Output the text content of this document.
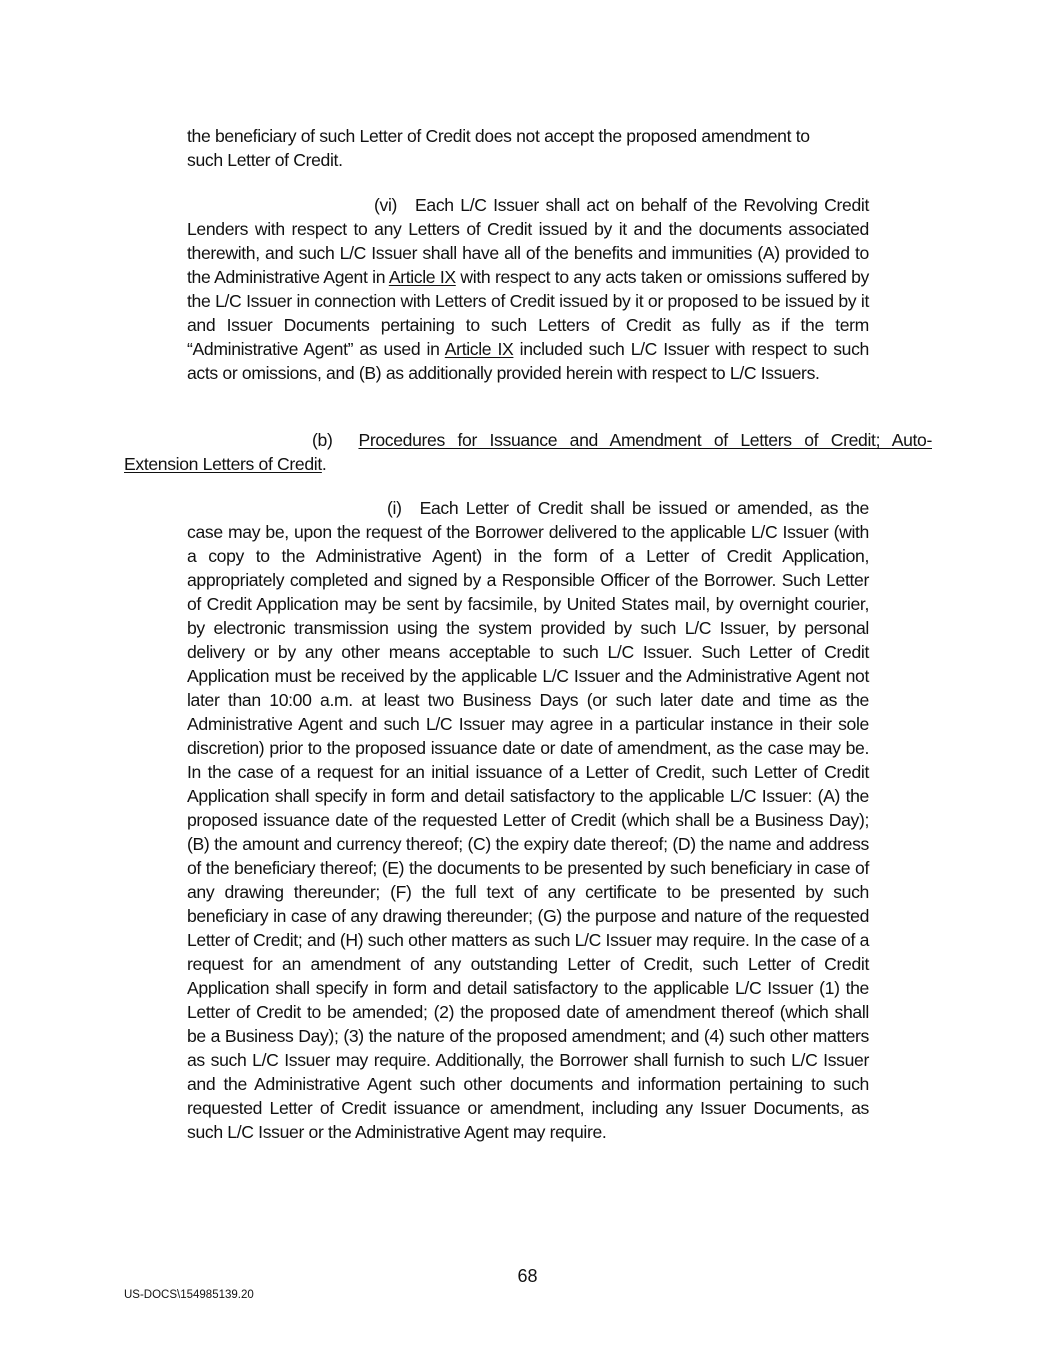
the beneficiary of such Letter of Credit does not accept the proposed amendment to
such Letter of Credit.
(vi) Each L/C Issuer shall act on behalf of the Revolving Credit Lenders with respect to any Letters of Credit issued by it and the documents associated therewith, and such L/C Issuer shall have all of the benefits and immunities (A) provided to the Administrative Agent in Article IX with respect to any acts taken or omissions suffered by the L/C Issuer in connection with Letters of Credit issued by it or proposed to be issued by it and Issuer Documents pertaining to such Letters of Credit as fully as if the term “Administrative Agent” as used in Article IX included such L/C Issuer with respect to such acts or omissions, and (B) as additionally provided herein with respect to L/C Issuers.
(b) Procedures for Issuance and Amendment of Letters of Credit; Auto-
Extension Letters of Credit.
(i) Each Letter of Credit shall be issued or amended, as the case may be, upon the request of the Borrower delivered to the applicable L/C Issuer (with a copy to the Administrative Agent) in the form of a Letter of Credit Application, appropriately completed and signed by a Responsible Officer of the Borrower. Such Letter of Credit Application may be sent by facsimile, by United States mail, by overnight courier, by electronic transmission using the system provided by such L/C Issuer, by personal delivery or by any other means acceptable to such L/C Issuer. Such Letter of Credit Application must be received by the applicable L/C Issuer and the Administrative Agent not later than 10:00 a.m. at least two Business Days (or such later date and time as the Administrative Agent and such L/C Issuer may agree in a particular instance in their sole discretion) prior to the proposed issuance date or date of amendment, as the case may be. In the case of a request for an initial issuance of a Letter of Credit, such Letter of Credit Application shall specify in form and detail satisfactory to the applicable L/C Issuer: (A) the proposed issuance date of the requested Letter of Credit (which shall be a Business Day); (B) the amount and currency thereof; (C) the expiry date thereof; (D) the name and address of the beneficiary thereof; (E) the documents to be presented by such beneficiary in case of any drawing thereunder; (F) the full text of any certificate to be presented by such beneficiary in case of any drawing thereunder; (G) the purpose and nature of the requested Letter of Credit; and (H) such other matters as such L/C Issuer may require. In the case of a request for an amendment of any outstanding Letter of Credit, such Letter of Credit Application shall specify in form and detail satisfactory to the applicable L/C Issuer (1) the Letter of Credit to be amended; (2) the proposed date of amendment thereof (which shall be a Business Day); (3) the nature of the proposed amendment; and (4) such other matters as such L/C Issuer may require. Additionally, the Borrower shall furnish to such L/C Issuer and the Administrative Agent such other documents and information pertaining to such requested Letter of Credit issuance or amendment, including any Issuer Documents, as such L/C Issuer or the Administrative Agent may require.
68
US-DOCS\154985139.20
